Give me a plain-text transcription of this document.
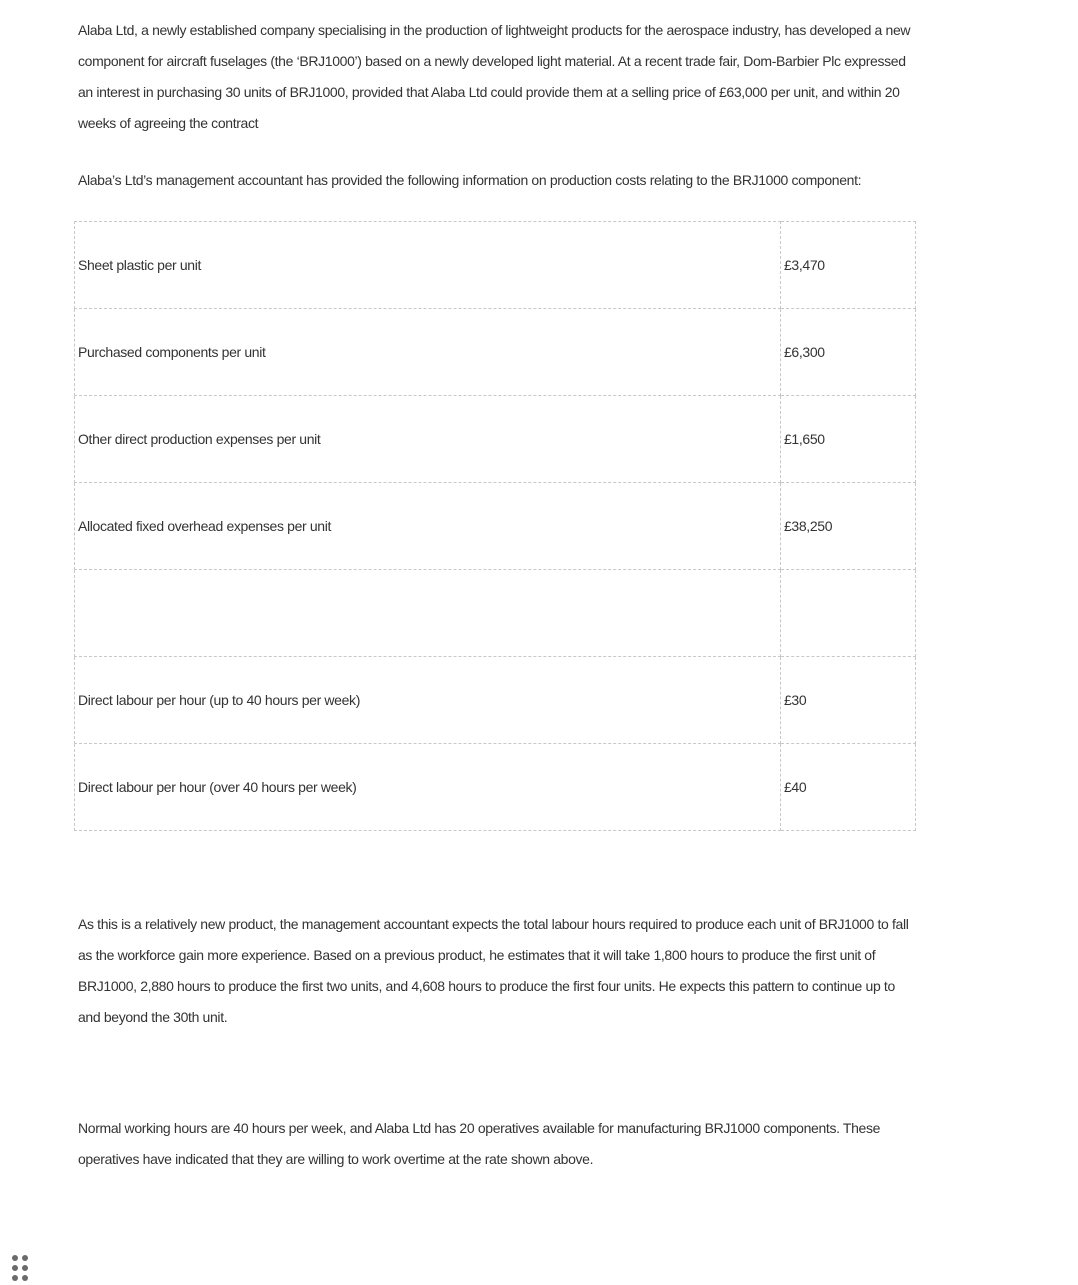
Alaba Ltd, a newly established company specialising in the production of lightweight products for the aerospace industry, has developed a new component for aircraft fuselages (the ‘BRJ1000’) based on a newly developed light material. At a recent trade fair, Dom-Barbier Plc expressed an interest in purchasing 30 units of BRJ1000, provided that Alaba Ltd could provide them at a selling price of £63,000 per unit, and within 20 weeks of agreeing the contract

Alaba’s Ltd’s management accountant has provided the following information on production costs relating to the BRJ1000 component:

Sheet plastic per unit	£3,470
Purchased components per unit	£6,300
Other direct production expenses per unit	£1,650
Allocated fixed overhead expenses per unit	£38,250

Direct labour per hour (up to 40 hours per week)	£30
Direct labour per hour (over 40 hours per week)	£40

As this is a relatively new product, the management accountant expects the total labour hours required to produce each unit of BRJ1000 to fall as the workforce gain more experience. Based on a previous product, he estimates that it will take 1,800 hours to produce the first unit of BRJ1000, 2,880 hours to produce the first two units, and 4,608 hours to produce the first four units. He expects this pattern to continue up to and beyond the 30th unit.

Normal working hours are 40 hours per week, and Alaba Ltd has 20 operatives available for manufacturing BRJ1000 components. These operatives have indicated that they are willing to work overtime at the rate shown above.
